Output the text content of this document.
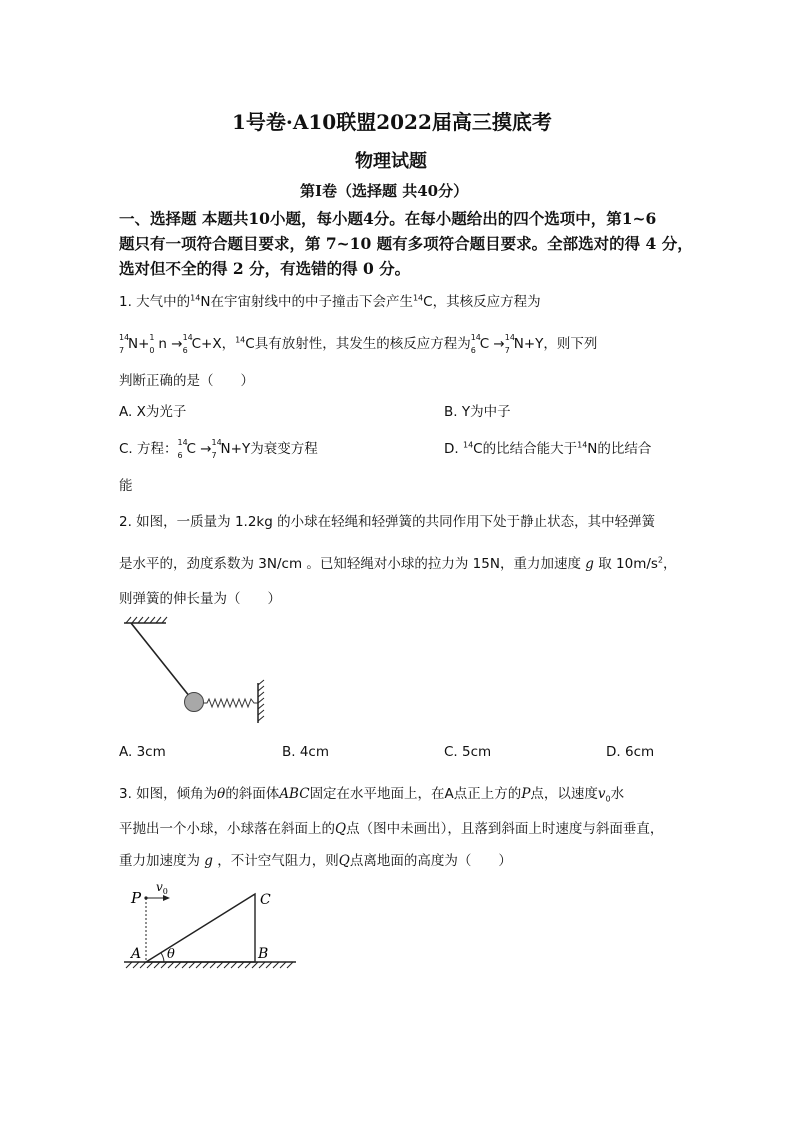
1号卷·A10联盟2022届高三摸底考
物理试题
第Ⅰ卷（选择题 共40分）
一、选择题 本题共10小题，每小题4分。在每小题给出的四个选项中，第1~6
题只有一项符合题目要求，第 7~10 题有多项符合题目要求。全部选对的得 4 分，
选对但不全的得 2 分，有选错的得 0 分。
1. 大气中的$^{14}$N在宇宙射线中的中子撞击下会产生$^{14}$C，其核反应方程为
14
7 N+ 1
0 n → 14
6 C+X，$^{14}$C具有放射性，其发生的核反应方程为 14
6 C → 14
7 N+Y，则下列
判断正确的是（　　）
A. X为光子	B. Y为中子
C. 方程： 14
6 C → 14
7 N+Y为衰变方程	D. $^{14}$C的比结合能大于$^{14}$N的比结合
能
2. 如图，一质量为 1.2kg 的小球在轻绳和轻弹簧的共同作用下处于静止状态，其中轻弹簧
是水平的，劲度系数为 3N/cm 。已知轻绳对小球的拉力为 15N，重力加速度 g 取 $10m/s^2$，
则弹簧的伸长量为（　　）
A. 3cm	B. 4cm	C. 5cm	D. 6cm
3. 如图，倾角为θ的斜面体ABC固定在水平地面上，在A点正上方的P点，以速度$v_0$水
平抛出一个小球，小球落在斜面上的Q点（图中未画出），且落到斜面上时速度与斜面垂直，
重力加速度为 g ，不计空气阻力，则Q点离地面的高度为（　　）
P
$v_0$
A θ	B
C
